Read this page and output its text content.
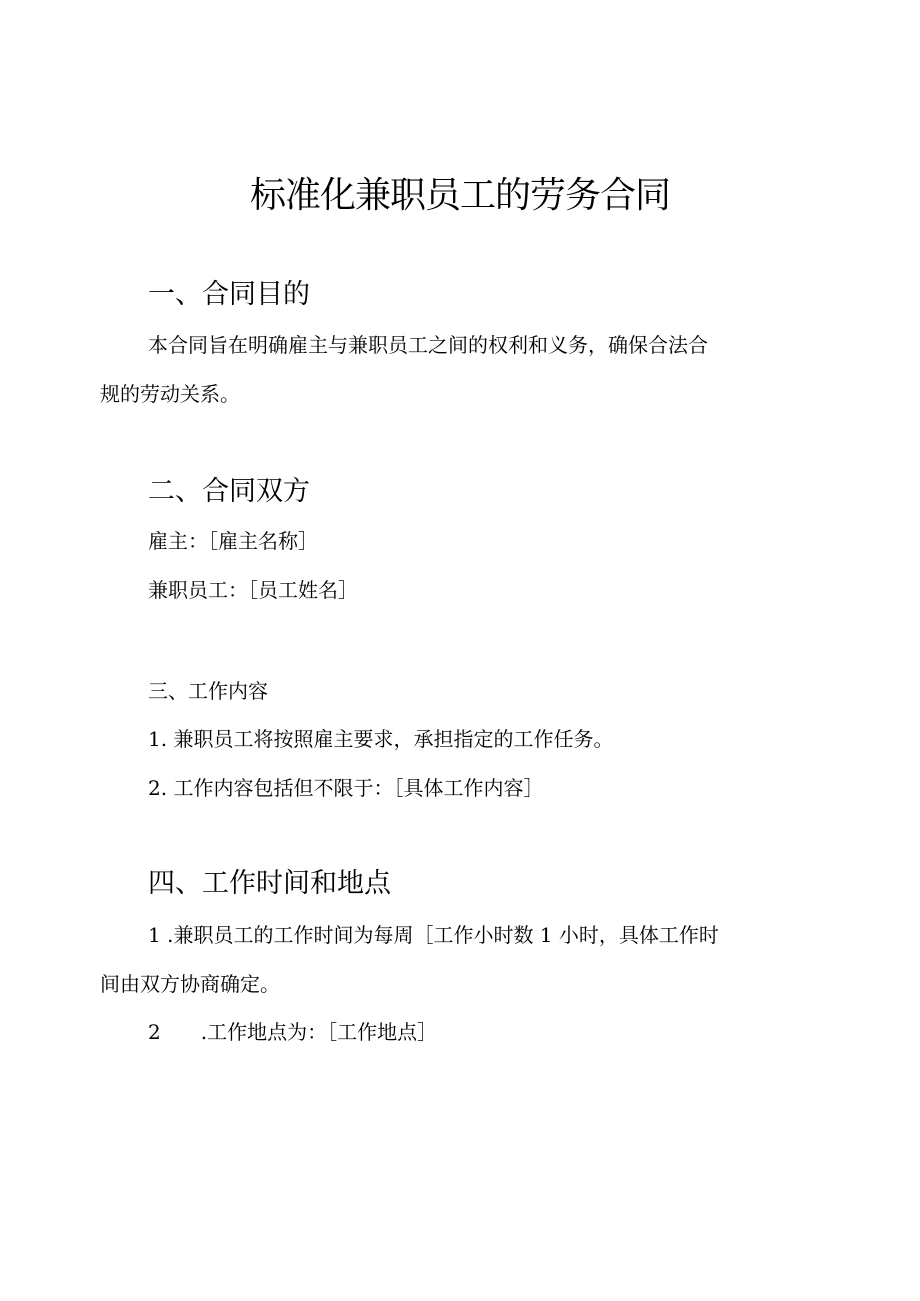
标准化兼职员工的劳务合同
一、合同目的

本合同旨在明确雇主与兼职员工之间的权利和义务，确保合法合

规的劳动关系。

二、合同双方

雇主：［雇主名称］

兼职员工：［员工姓名］

三、工作内容

1. 兼职员工将按照雇主要求，承担指定的工作任务。

2. 工作内容包括但不限于：［具体工作内容］

四、工作时间和地点

1 .兼职员工的工作时间为每周［工作小时数 1 小时，具体工作时

间由双方协商确定。

2　　.工作地点为：［工作地点］
